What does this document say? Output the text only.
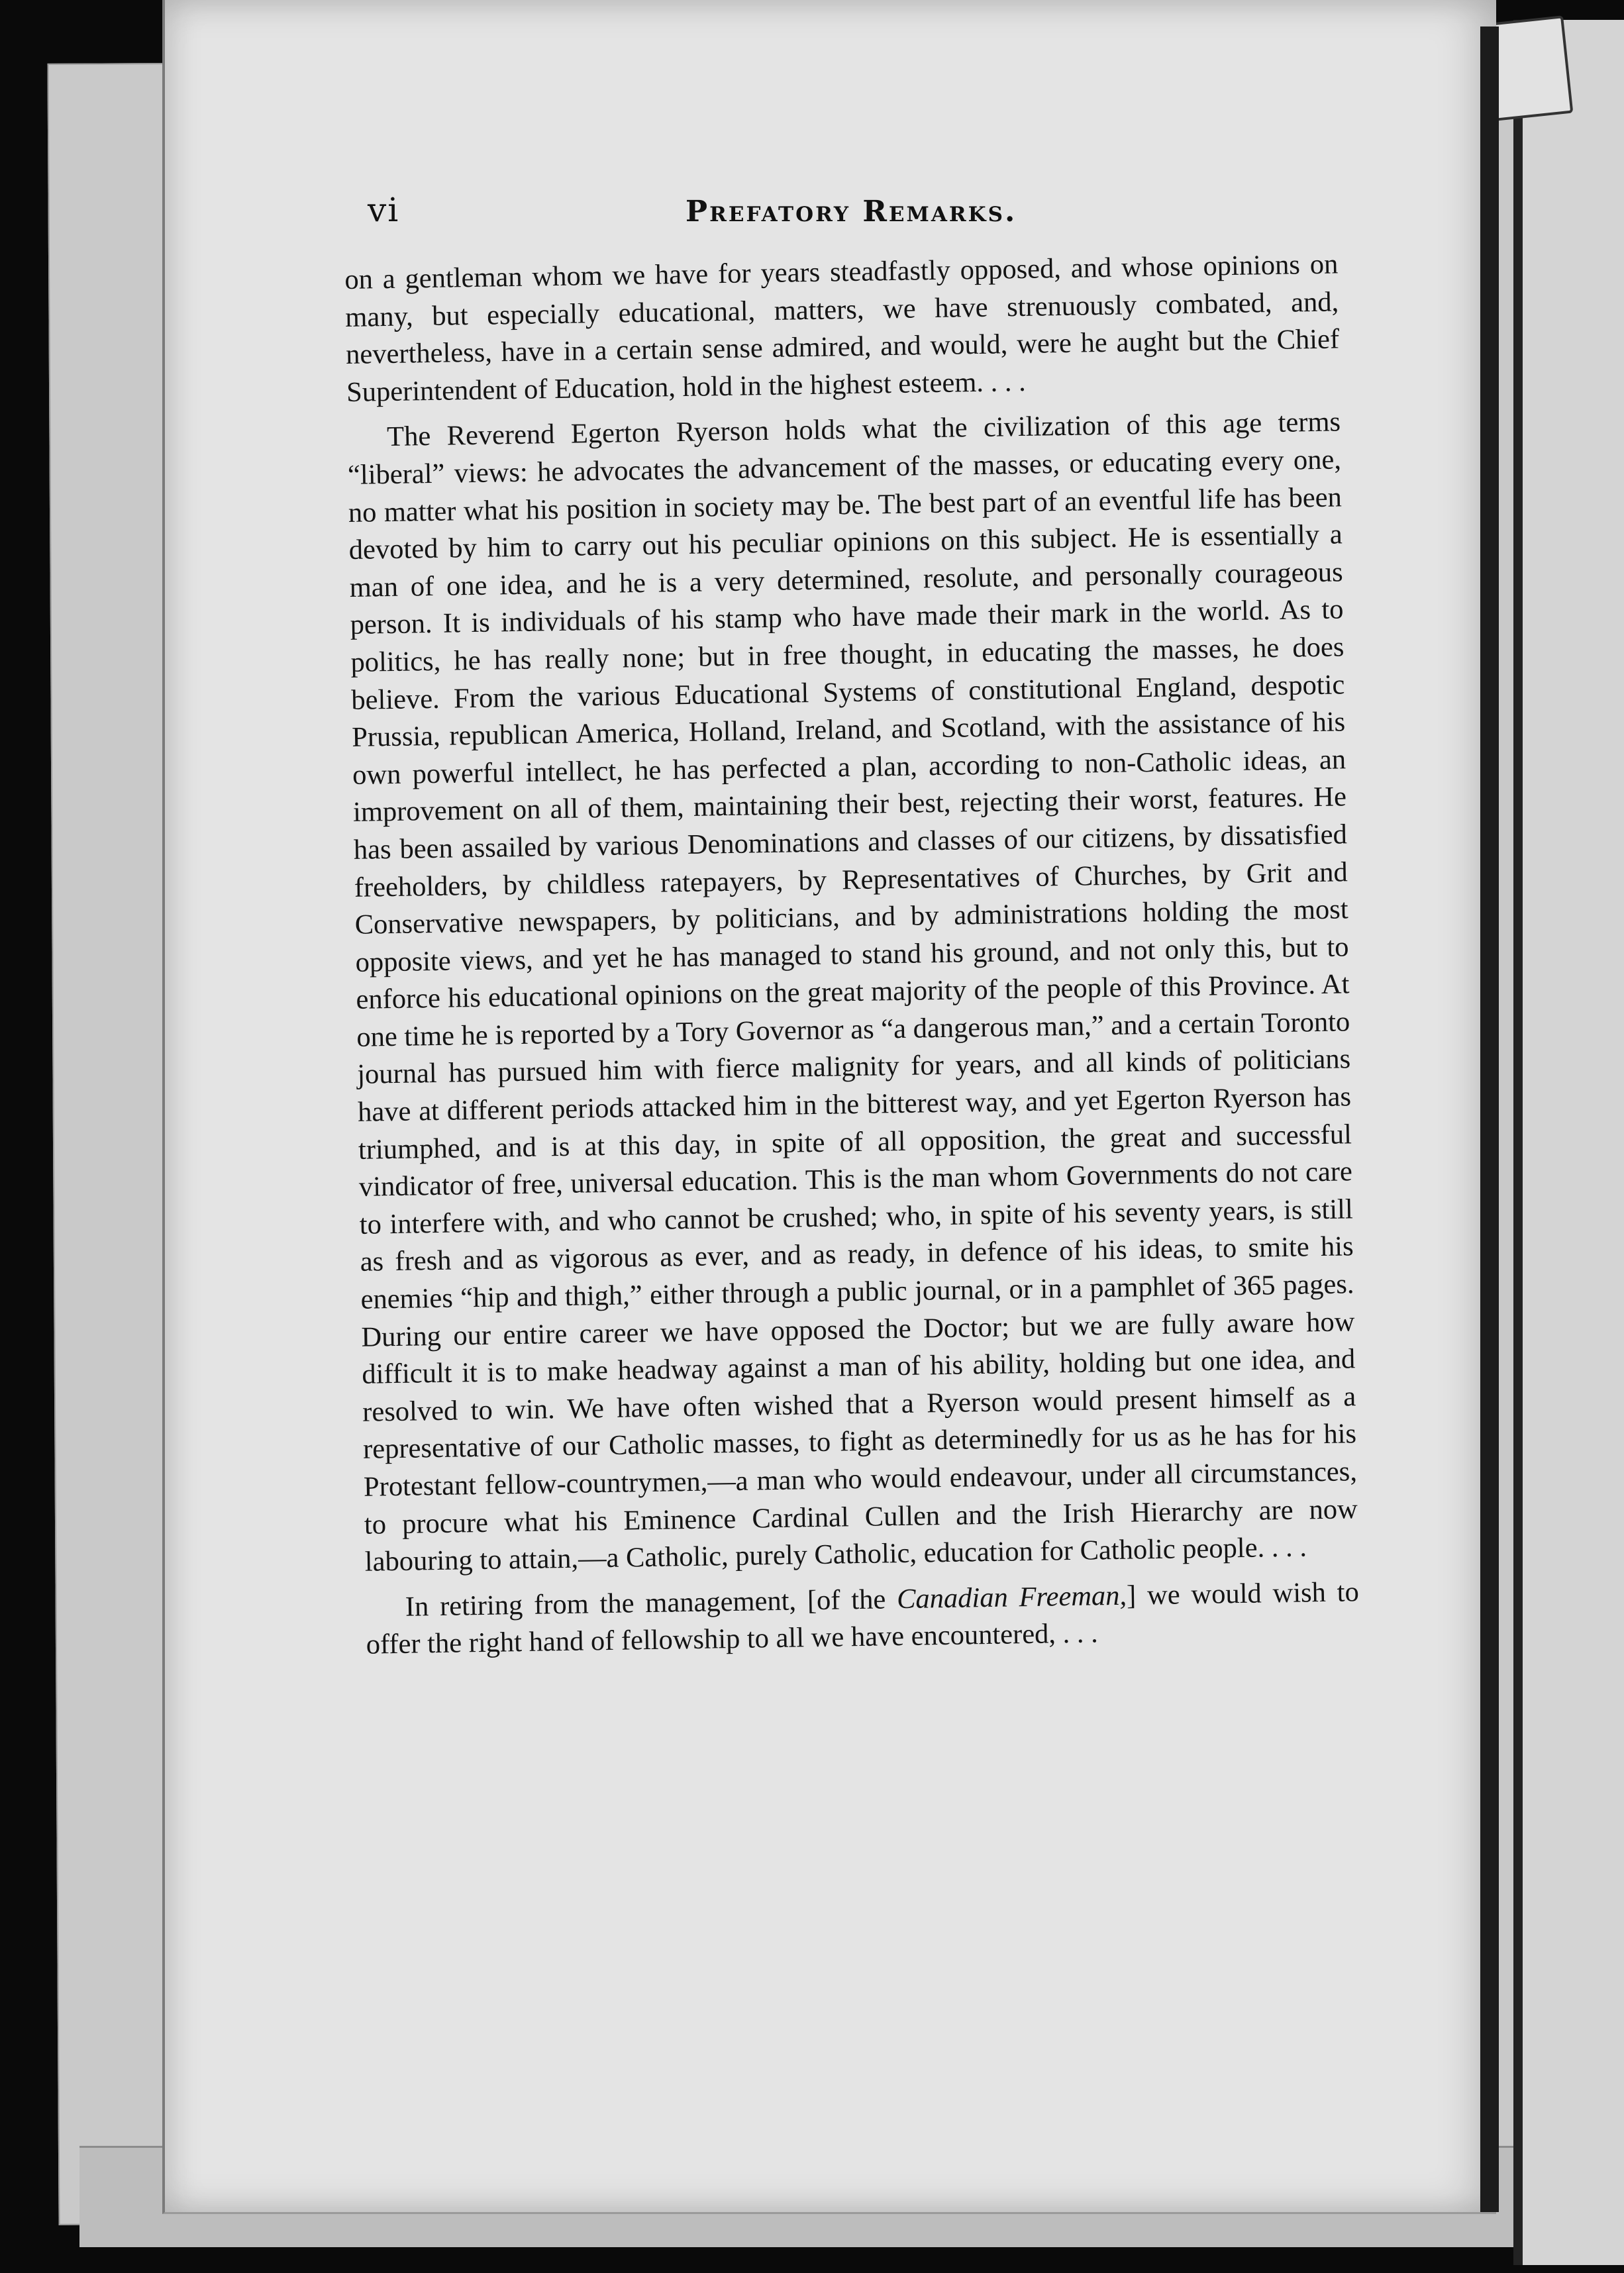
vi	Prefatory Remarks.

on a gentleman whom we have for years steadfastly opposed, and whose opinions on many, but especially educational, matters, we have strenuously combated, and, nevertheless, have in a certain sense admired, and would, were he aught but the Chief Superintendent of Education, hold in the highest esteem. . . .

The Reverend Egerton Ryerson holds what the civilization of this age terms “liberal” views: he advocates the advancement of the masses, or educating every one, no matter what his position in society may be. The best part of an eventful life has been devoted by him to carry out his peculiar opinions on this subject. He is essentially a man of one idea, and he is a very determined, resolute, and personally courageous person. It is individuals of his stamp who have made their mark in the world. As to politics, he has really none; but in free thought, in educating the masses, he does believe. From the various Educational Systems of constitutional England, despotic Prussia, republican America, Holland, Ireland, and Scotland, with the assistance of his own powerful intellect, he has perfected a plan, according to non-Catholic ideas, an improvement on all of them, maintaining their best, rejecting their worst, features. He has been assailed by various Denominations and classes of our citizens, by dissatisfied freeholders, by childless ratepayers, by Representatives of Churches, by Grit and Conservative newspapers, by politicians, and by administrations holding the most opposite views, and yet he has managed to stand his ground, and not only this, but to enforce his educational opinions on the great majority of the people of this Province. At one time he is reported by a Tory Governor as “a dangerous man,” and a certain Toronto journal has pursued him with fierce malignity for years, and all kinds of politicians have at different periods attacked him in the bitterest way, and yet Egerton Ryerson has triumphed, and is at this day, in spite of all opposition, the great and successful vindicator of free, universal education. This is the man whom Governments do not care to interfere with, and who cannot be crushed; who, in spite of his seventy years, is still as fresh and as vigorous as ever, and as ready, in defence of his ideas, to smite his enemies “hip and thigh,” either through a public journal, or in a pamphlet of 365 pages. During our entire career we have opposed the Doctor; but we are fully aware how difficult it is to make headway against a man of his ability, holding but one idea, and resolved to win. We have often wished that a Ryerson would present himself as a representative of our Catholic masses, to fight as determinedly for us as he has for his Protestant fellow-countrymen,—a man who would endeavour, under all circumstances, to procure what his Eminence Cardinal Cullen and the Irish Hierarchy are now labouring to attain,—a Catholic, purely Catholic, education for Catholic people. . . .

In retiring from the management, [of the Canadian Freeman,] we would wish to offer the right hand of fellowship to all we have encountered, . . .
